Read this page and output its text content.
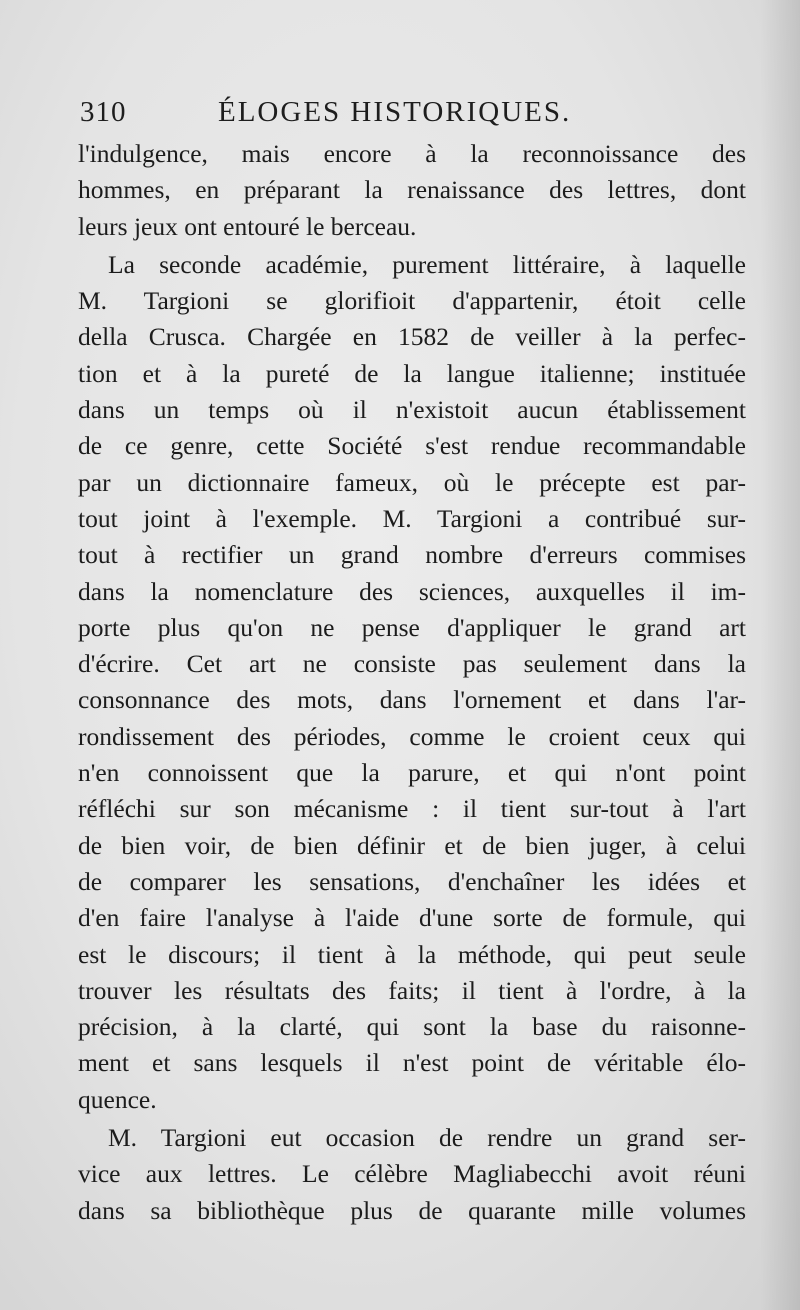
310	ÉLOGES HISTORIQUES.
l'indulgence, mais encore à la reconnoissance des
hommes, en préparant la renaissance des lettres, dont
leurs jeux ont entouré le berceau.
La seconde académie, purement littéraire, à laquelle
M. Targioni se glorifioit d'appartenir, étoit celle
della Crusca. Chargée en 1582 de veiller à la perfec-
tion et à la pureté de la langue italienne; instituée
dans un temps où il n'existoit aucun établissement
de ce genre, cette Société s'est rendue recommandable
par un dictionnaire fameux, où le précepte est par-
tout joint à l'exemple. M. Targioni a contribué sur-
tout à rectifier un grand nombre d'erreurs commises
dans la nomenclature des sciences, auxquelles il im-
porte plus qu'on ne pense d'appliquer le grand art
d'écrire. Cet art ne consiste pas seulement dans la
consonnance des mots, dans l'ornement et dans l'ar-
rondissement des périodes, comme le croient ceux qui
n'en connoissent que la parure, et qui n'ont point
réfléchi sur son mécanisme : il tient sur-tout à l'art
de bien voir, de bien définir et de bien juger, à celui
de comparer les sensations, d'enchaîner les idées et
d'en faire l'analyse à l'aide d'une sorte de formule, qui
est le discours; il tient à la méthode, qui peut seule
trouver les résultats des faits; il tient à l'ordre, à la
précision, à la clarté, qui sont la base du raisonne-
ment et sans lesquels il n'est point de véritable élo-
quence.
M. Targioni eut occasion de rendre un grand ser-
vice aux lettres. Le célèbre Magliabecchi avoit réuni
dans sa bibliothèque plus de quarante mille volumes
